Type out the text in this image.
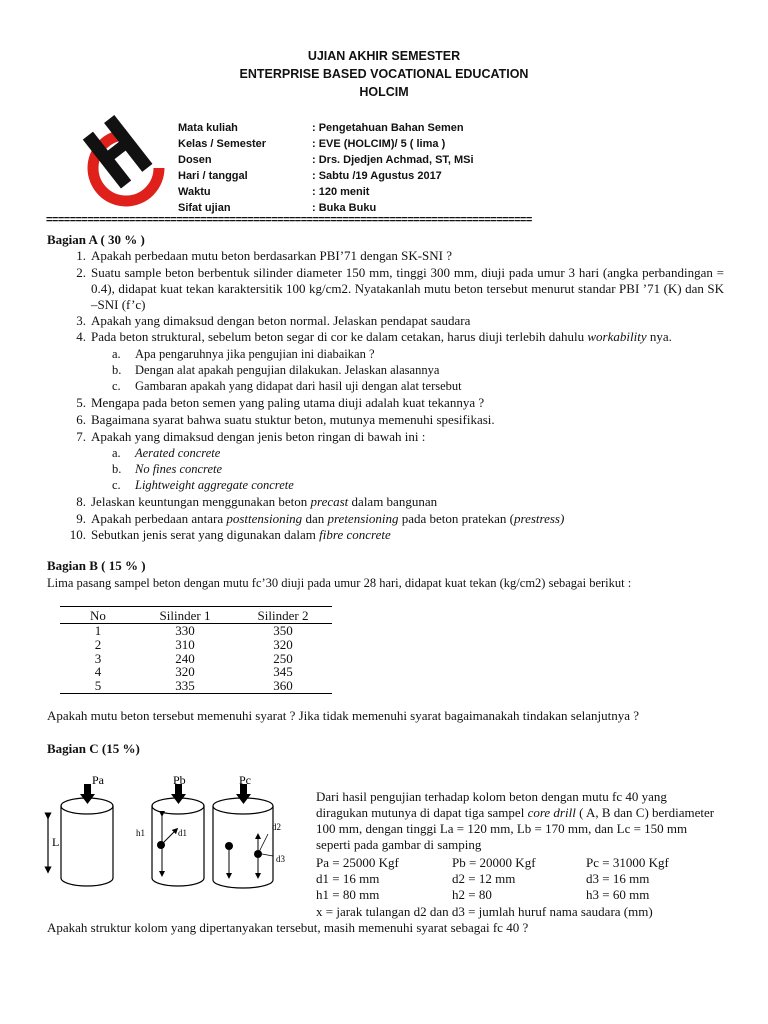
UJIAN AKHIR SEMESTER
ENTERPRISE BASED VOCATIONAL EDUCATION
HOLCIM
Mata kuliah	: Pengetahuan Bahan Semen
Kelas / Semester	: EVE (HOLCIM)/ 5 ( lima )
Dosen	: Drs. Djedjen Achmad, ST, MSi
Hari / tanggal	: Sabtu /19 Agustus 2017
Waktu	: 120 menit
Sifat ujian	: Buka Buku
==================================================================================
Bagian A ( 30 % )
1. Apakah perbedaan mutu beton berdasarkan PBI’71 dengan SK-SNI ?
2. Suatu sample beton berbentuk silinder diameter 150 mm, tinggi 300 mm, diuji pada umur 3 hari (angka perbandingan = 0.4), didapat kuat tekan karaktersitik 100 kg/cm2. Nyatakanlah mutu beton tersebut menurut standar PBI ’71 (K) dan SK –SNI (f’c)
3. Apakah yang dimaksud dengan beton normal. Jelaskan pendapat saudara
4. Pada beton struktural, sebelum beton segar di cor ke dalam cetakan, harus diuji terlebih dahulu workability nya.
a. Apa pengaruhnya jika pengujian ini diabaikan ?
b. Dengan alat apakah pengujian dilakukan. Jelaskan alasannya
c. Gambaran apakah yang didapat dari hasil uji dengan alat tersebut
5. Mengapa pada beton semen yang paling utama diuji adalah kuat tekannya ?
6. Bagaimana syarat bahwa suatu stuktur beton, mutunya memenuhi spesifikasi.
7. Apakah yang dimaksud dengan jenis beton ringan di bawah ini :
a. Aerated concrete
b. No fines concrete
c. Lightweight aggregate concrete
8. Jelaskan keuntungan menggunakan beton precast dalam bangunan
9. Apakah perbedaan antara posttensioning dan pretensioning pada beton pratekan (prestress)
10. Sebutkan jenis serat yang digunakan dalam fibre concrete
Bagian B ( 15 % )
Lima pasang sampel beton dengan mutu fc’30 diuji pada umur 28 hari, didapat kuat tekan (kg/cm2) sebagai berikut :
No	Silinder 1	Silinder 2
1	330	350
2	310	320
3	240	250
4	320	345
5	335	360
Apakah mutu beton tersebut memenuhi syarat ? Jika tidak memenuhi syarat bagaimanakah tindakan selanjutnya ?
Bagian C (15 %)
L
Pa
h1	d1
Pb
d2
d3
Pc
Dari hasil pengujian terhadap kolom beton dengan mutu fc 40 yang
diragukan mutunya di dapat tiga sampel core drill ( A, B dan C) berdiameter
100 mm, dengan tinggi La = 120 mm, Lb = 170 mm, dan Lc = 150 mm
seperti pada gambar di samping
Pa = 25000 Kgf	Pb = 20000 Kgf	Pc = 31000 Kgf
d1 = 16 mm	d2 = 12 mm	d3 = 16 mm
h1 = 80 mm	h2 = 80	h3 = 60 mm
x = jarak tulangan d2 dan d3 = jumlah huruf nama saudara (mm)
Apakah struktur kolom yang dipertanyakan tersebut, masih memenuhi syarat sebagai fc 40 ?
